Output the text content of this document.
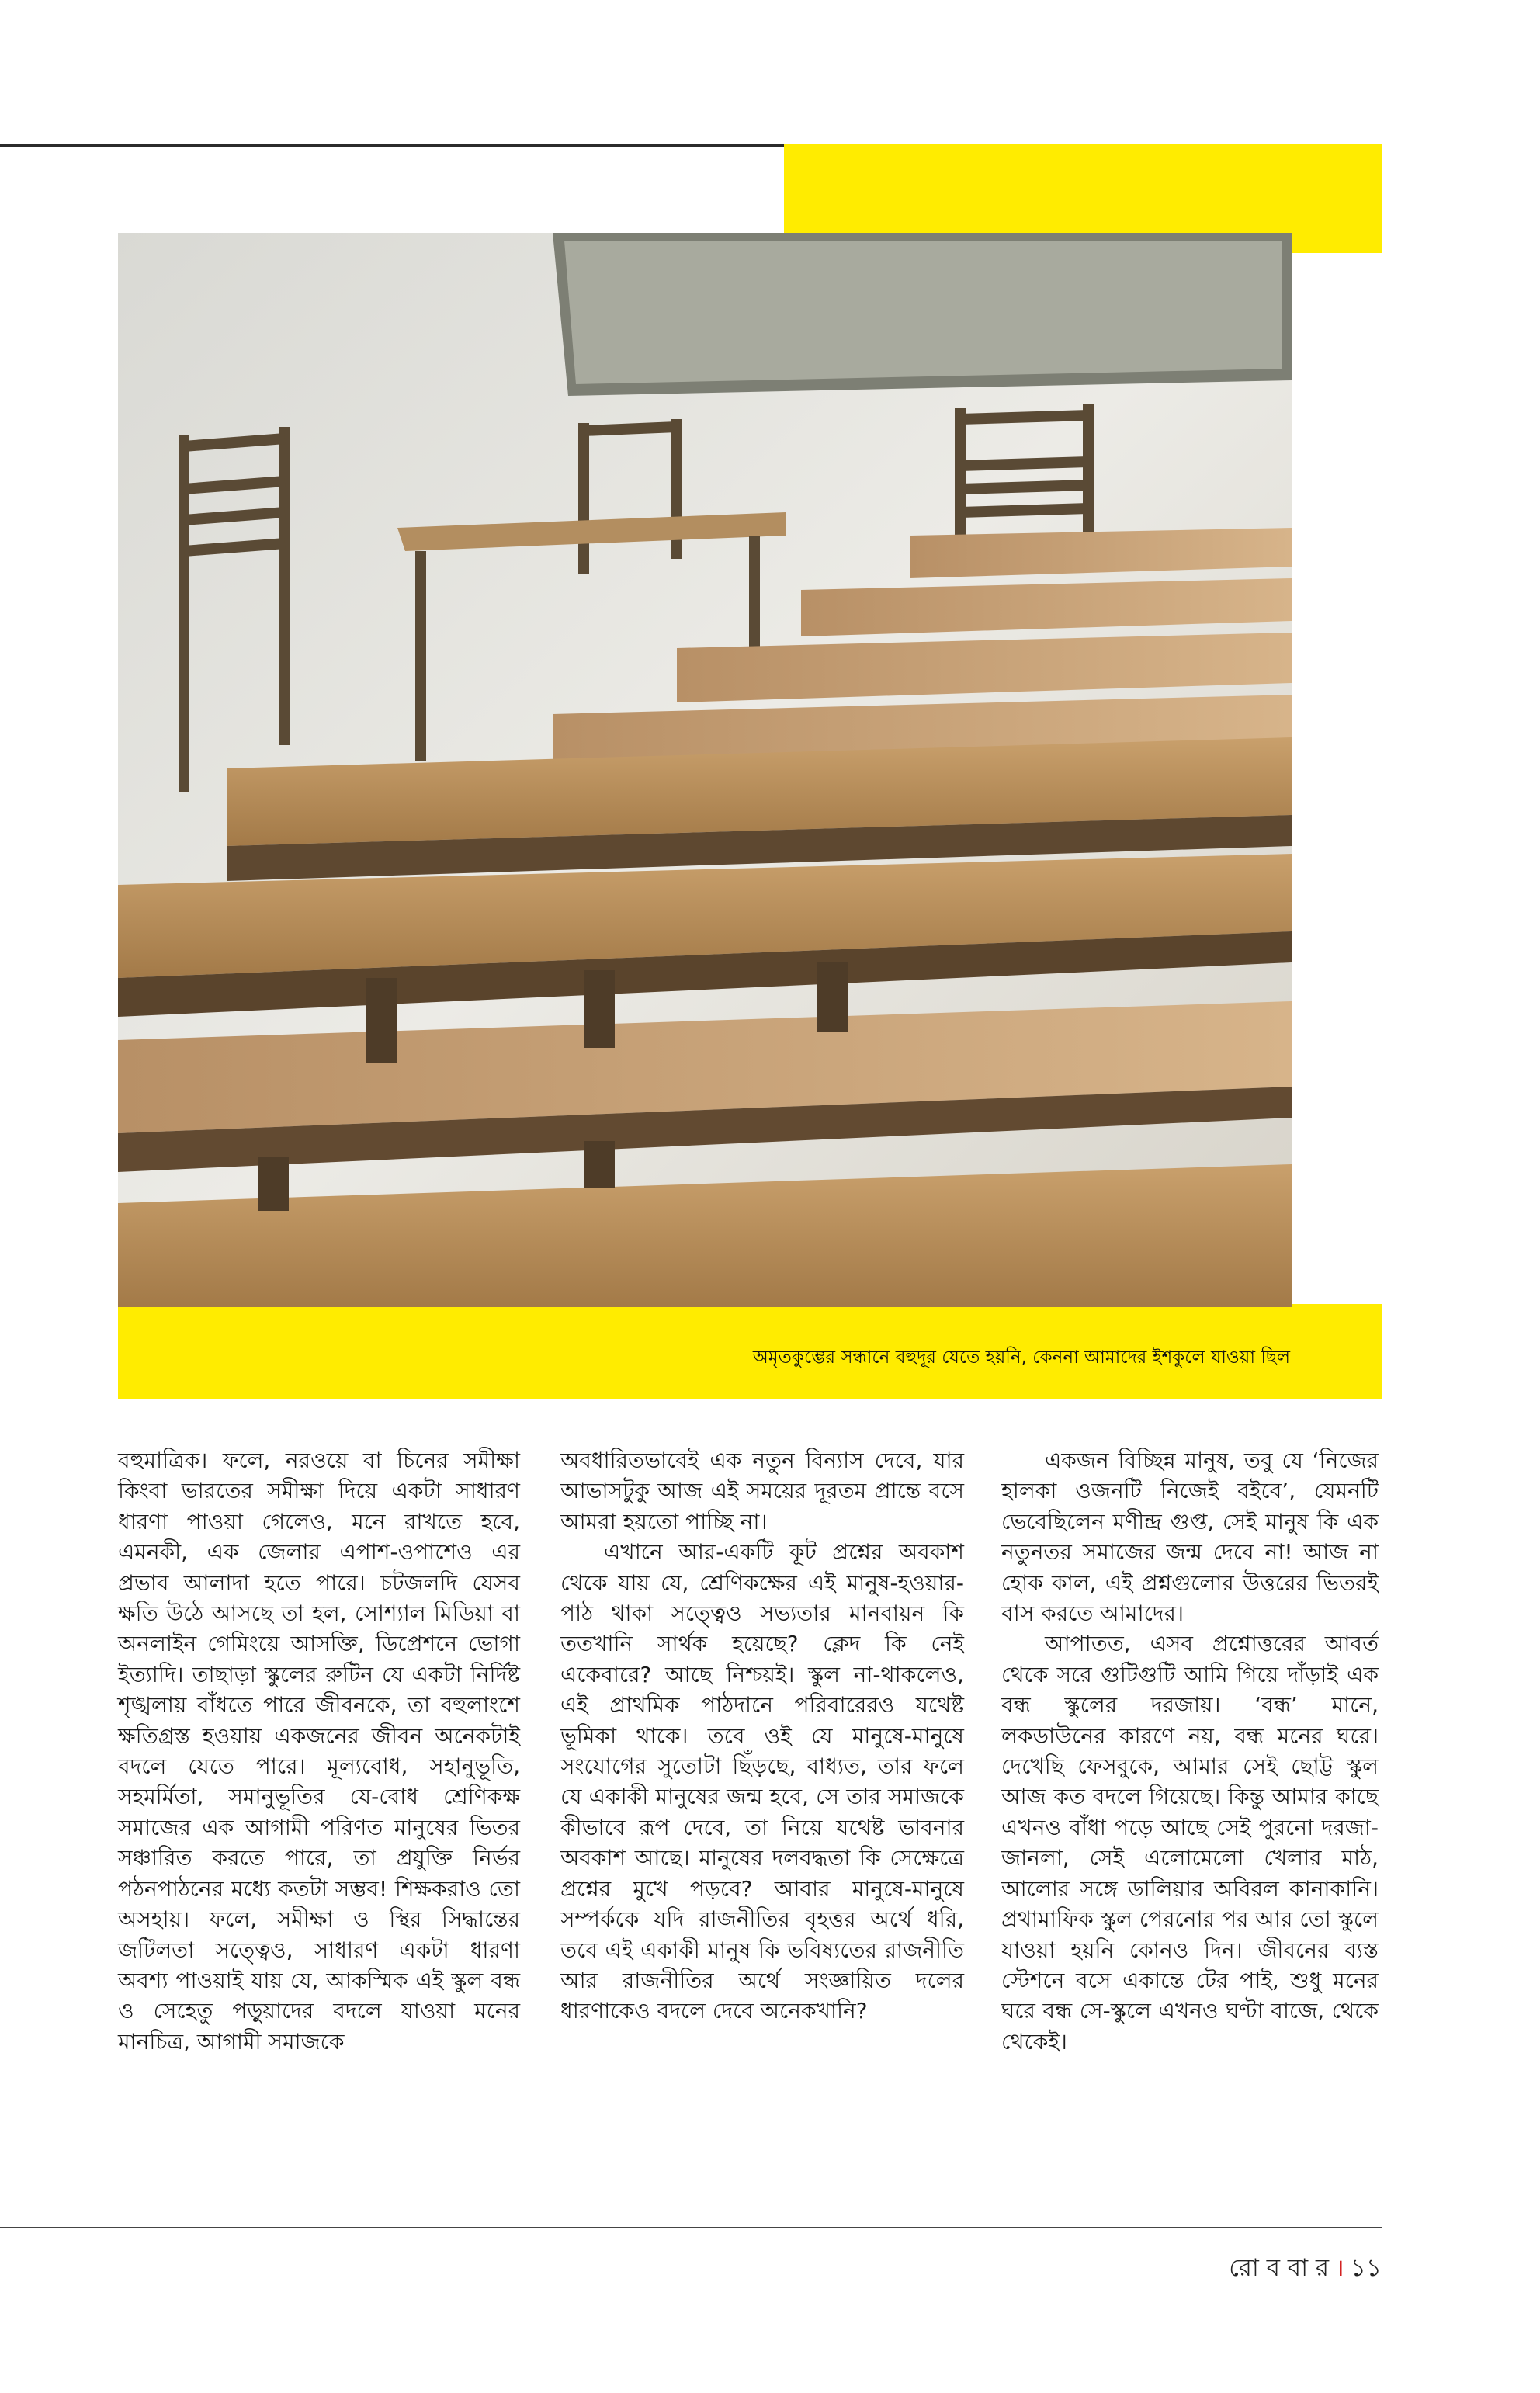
অমৃতকুম্ভের সন্ধানে বহুদূর যেতে হয়নি, কেননা আমাদের ইশকুলে যাওয়া ছিল

বহুমাত্রিক। ফলে, নরওয়ে বা চিনের সমীক্ষা কিংবা ভারতের সমীক্ষা দিয়ে একটা সাধারণ ধারণা পাওয়া গেলেও, মনে রাখতে হবে, এমনকী, এক জেলার এপাশ-ওপাশেও এর প্রভাব আলাদা হতে পারে। চটজলদি যেসব ক্ষতি উঠে আসছে তা হল, সোশ্যাল মিডিয়া বা অনলাইন গেমিংয়ে আসক্তি, ডিপ্রেশনে ভোগা ইত্যাদি। তাছাড়া স্কুলের রুটিন যে একটা নির্দিষ্ট শৃঙ্খলায় বাঁধতে পারে জীবনকে, তা বহুলাংশে ক্ষতিগ্রস্ত হওয়ায় একজনের জীবন অনেকটাই বদলে যেতে পারে। মূল্যবোধ, সহানুভূতি, সহমর্মিতা, সমানুভূতির যে-বোধ শ্রেণিকক্ষ সমাজের এক আগামী পরিণত মানুষের ভিতর সঞ্চারিত করতে পারে, তা প্রযুক্তি নির্ভর পঠনপাঠনের মধ্যে কতটা সম্ভব! শিক্ষকরাও তো অসহায়। ফলে, সমীক্ষা ও স্থির সিদ্ধান্তের জটিলতা সত্ত্বেও, সাধারণ একটা ধারণা অবশ্য পাওয়াই যায় যে, আকস্মিক এই স্কুল বন্ধ ও সেহেতু পড়ুয়াদের বদলে যাওয়া মনের মানচিত্র, আগামী সমাজকে

অবধারিতভাবেই এক নতুন বিন্যাস দেবে, যার আভাসটুকু আজ এই সময়ের দূরতম প্রান্তে বসে আমরা হয়তো পাচ্ছি না।

এখানে আর-একটি কূট প্রশ্নের অবকাশ থেকে যায় যে, শ্রেণিকক্ষের এই মানুষ-হওয়ার-পাঠ থাকা সত্ত্বেও সভ্যতার মানবায়ন কি ততখানি সার্থক হয়েছে? ক্লেদ কি নেই একেবারে? আছে নিশ্চয়ই। স্কুল না-থাকলেও, এই প্রাথমিক পাঠদানে পরিবারেরও যথেষ্ট ভূমিকা থাকে। তবে ওই যে মানুষে-মানুষে সংযোগের সুতোটা ছিঁড়ছে, বাধ্যত, তার ফলে যে একাকী মানুষের জন্ম হবে, সে তার সমাজকে কীভাবে রূপ দেবে, তা নিয়ে যথেষ্ট ভাবনার অবকাশ আছে। মানুষের দলবদ্ধতা কি সেক্ষেত্রে প্রশ্নের মুখে পড়বে? আবার মানুষে-মানুষে সম্পর্ককে যদি রাজনীতির বৃহত্তর অর্থে ধরি, তবে এই একাকী মানুষ কি ভবিষ্যতের রাজনীতি আর রাজনীতির অর্থে সংজ্ঞায়িত দলের ধারণাকেও বদলে দেবে অনেকখানি?

একজন বিচ্ছিন্ন মানুষ, তবু যে ‘নিজের হালকা ওজনটি নিজেই বইবে’, যেমনটি ভেবেছিলেন মণীন্দ্র গুপ্ত, সেই মানুষ কি এক নতুনতর সমাজের জন্ম দেবে না! আজ না হোক কাল, এই প্রশ্নগুলোর উত্তরের ভিতরই বাস করতে আমাদের।

আপাতত, এসব প্রশ্নোত্তরের আবর্ত থেকে সরে গুটিগুটি আমি গিয়ে দাঁড়াই এক বন্ধ স্কুলের দরজায়। ‘বন্ধ’ মানে, লকডাউনের কারণে নয়, বন্ধ মনের ঘরে। দেখেছি ফেসবুকে, আমার সেই ছোট্ট স্কুল আজ কত বদলে গিয়েছে। কিন্তু আমার কাছে এখনও বাঁধা পড়ে আছে সেই পুরনো দরজা-জানলা, সেই এলোমেলো খেলার মাঠ, আলোর সঙ্গে ডালিয়ার অবিরল কানাকানি। প্রথামাফিক স্কুল পেরনোর পর আর তো স্কুলে যাওয়া হয়নি কোনও দিন। জীবনের ব্যস্ত স্টেশনে বসে একান্তে টের পাই, শুধু মনের ঘরে বন্ধ সে-স্কুলে এখনও ঘণ্টা বাজে, থেকে থেকেই।

রো ব বা র । ১১
